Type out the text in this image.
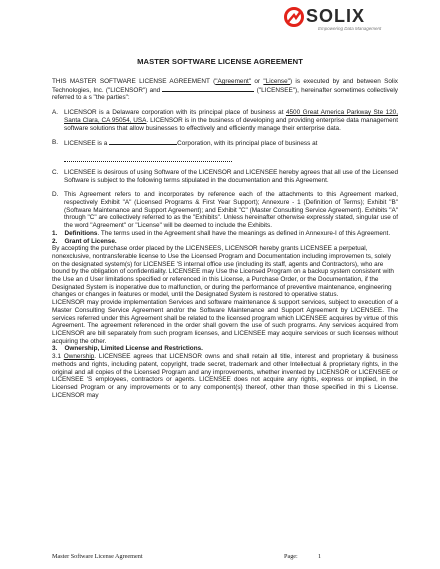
SOLIX
Empowering Data Management
MASTER SOFTWARE LICENSE AGREEMENT

THIS MASTER SOFTWARE LICENSE AGREEMENT ("Agreement" or "License") is executed by and between Solix Technologies, Inc. ("LICENSOR") and	("LICENSEE"), hereinafter sometimes collectively referred to a s "the parties":

A. LICENSOR is a Delaware corporation with its principal place of business at 4500 Great America Parkway Ste 120, Santa Clara, CA 95054, USA. LICENSOR is in the business of developing and providing enterprise data management software solutions that allow businesses to effectively and efficiently manage their enterprise data.

B. LICENSEE is a	Corporation, with its principal place of business at

C. LICENSEE is desirous of using Software of the LICENSOR and LICENSEE hereby agrees that all use of the Licensed Software is subject to the following terms stipulated in the documentation and this Agreement.

D. This Agreement refers to and incorporates by reference each of the attachments to this Agreement marked, respectively Exhibit "A" (Licensed Programs & First Year Support); Annexure - 1 (Definition of Terms); Exhibit "B" (Software Maintenance and Support Agreement); and Exhibit "C" (Master Consulting Service Agreement). Exhibits "A" through "C" are collectively referred to as the "Exhibits". Unless hereinafter otherwise expressly stated, singular use of the word "Agreement" or "License" will be deemed to include the Exhibits.

1. Definitions. The terms used in the Agreement shall have the meanings as defined in Annexure-I of this Agreement.

2. Grant of License.

By accepting the purchase order placed by the LICENSEES, LICENSOR hereby grants LICENSEE a perpetual, nonexclusive, nontransferable license to Use the Licensed Program and Documentation including improvemen ts, solely on the designated system(s) for LICENSEE 'S internal office use (including its staff, agents and Contractors), who are bound by the obligation of confidentiality. LICENSEE may Use the Licensed Program on a backup system consistent with the Use an d User limitations specified or referenced in this License, a Purchase Order, or the Documentation, if the Designated System is inoperative due to malfunction, or during the performance of preventive maintenance, engineering changes or changes in features or model, until the Designated System is restored to operative status.

LICENSOR may provide implementation Services and software maintenance & support services, subject to execution of a Master Consulting Service Agreement and/or the Software Maintenance and Support Agreement by LICENSEE. The services referred under this Agreement shall be related to the licensed program which LICENSEE acquires by virtue of this Agreement. The agreement referenced in the order shall govern the use of such programs. Any services acquired from LICENSOR are bill separately from such program licenses, and LICENSEE may acquire services or such licenses without acquiring the other.

3. Ownership, Limited License and Restrictions.

3.1 Ownership. LICENSEE agrees that LICENSOR owns and shall retain all title, interest and proprietary & business methods and rights, including patent, copyright, trade secret, trademark and other Intellectual & proprietary rights, in the original and all copies of the Licensed Program and any improvements, whether invented by LICENSOR or LICENSEE or LICENSEE 'S employees, contractors or agents. LICENSEE does not acquire any rights, express or implied, in the Licensed Program or any improvements or to any component(s) thereof, other than those specified in thi s License. LICENSOR may

Master Software License Agreement	Page:	1
